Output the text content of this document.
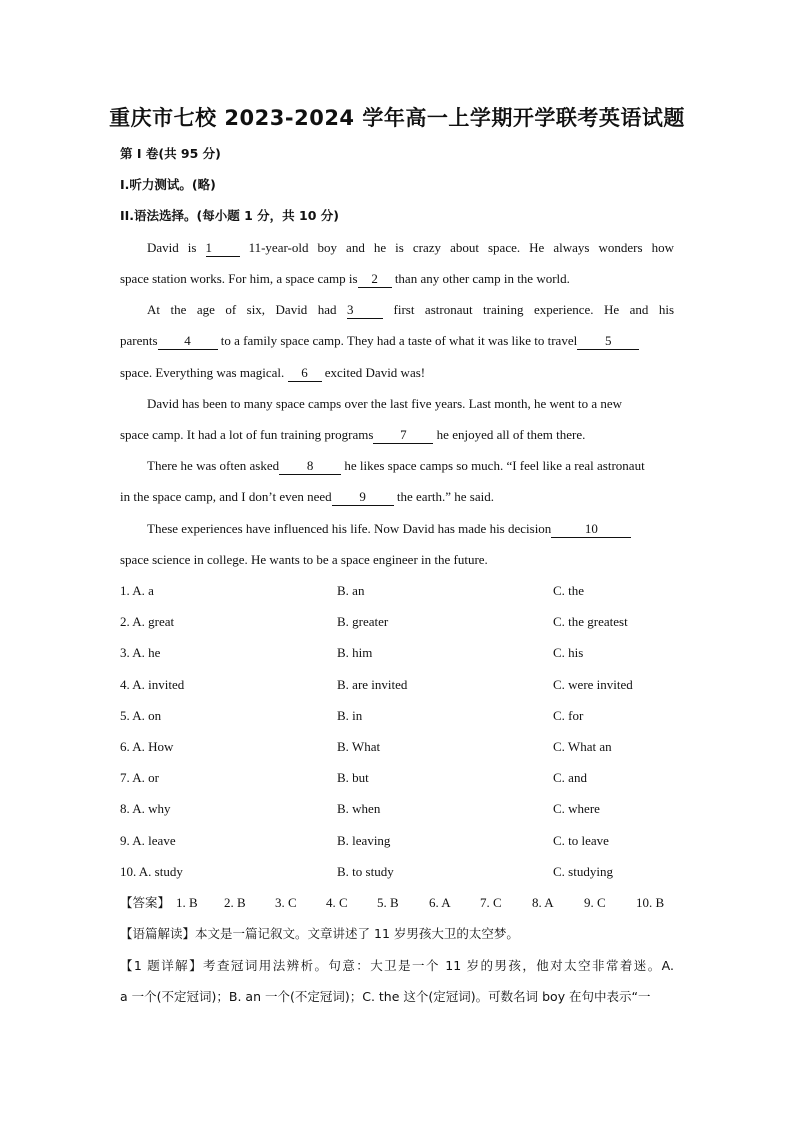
重庆市七校 2023-2024 学年高一上学期开学联考英语试题
第 I 卷(共 95 分)
I.听力测试。(略)
II.语法选择。(每小题 1 分，共 10 分)
David is 1	11-year-old boy and he is crazy about space. He always wonders how
space station works. For him, a space camp is 2 than any other camp in the world.
At the age of six, David had 3	first astronaut training experience. He and his
parents 4 to a family space camp. They had a taste of what it was like to travel 5
space. Everything was magical. 6 excited David was!
David has been to many space camps over the last five years. Last month, he went to a new
space camp. It had a lot of fun training programs 7 he enjoyed all of them there.
There he was often asked 8 he likes space camps so much. “I feel like a real astronaut
in the space camp, and I don’t even need 9 the earth.” he said.
These experiences have influenced his life. Now David has made his decision	10
space science in college. He wants to be a space engineer in the future.
1. A. a	B. an	C. the
2. A. great	B. greater	C. the greatest
3. A. he	B. him	C. his
4. A. invited	B. are invited	C. were invited
5. A. on	B. in	C. for
6. A. How	B. What	C. What an
7. A. or	B. but	C. and
8. A. why	B. when	C. where
9. A. leave	B. leaving	C. to leave
10. A. study	B. to study	C. studying
【答案】 1. B 2. B 3. C 4. C 5. B 6. A 7. C 8. A 9. C 10. B
【语篇解读】本文是一篇记叙文。文章讲述了 11 岁男孩大卫的太空梦。
【1 题详解】考查冠词用法辨析。句意：大卫是一个 11 岁的男孩，他对太空非常着迷。A.
a 一个(不定冠词)；B. an 一个(不定冠词)；C. the 这个(定冠词)。可数名词 boy 在句中表示“一
